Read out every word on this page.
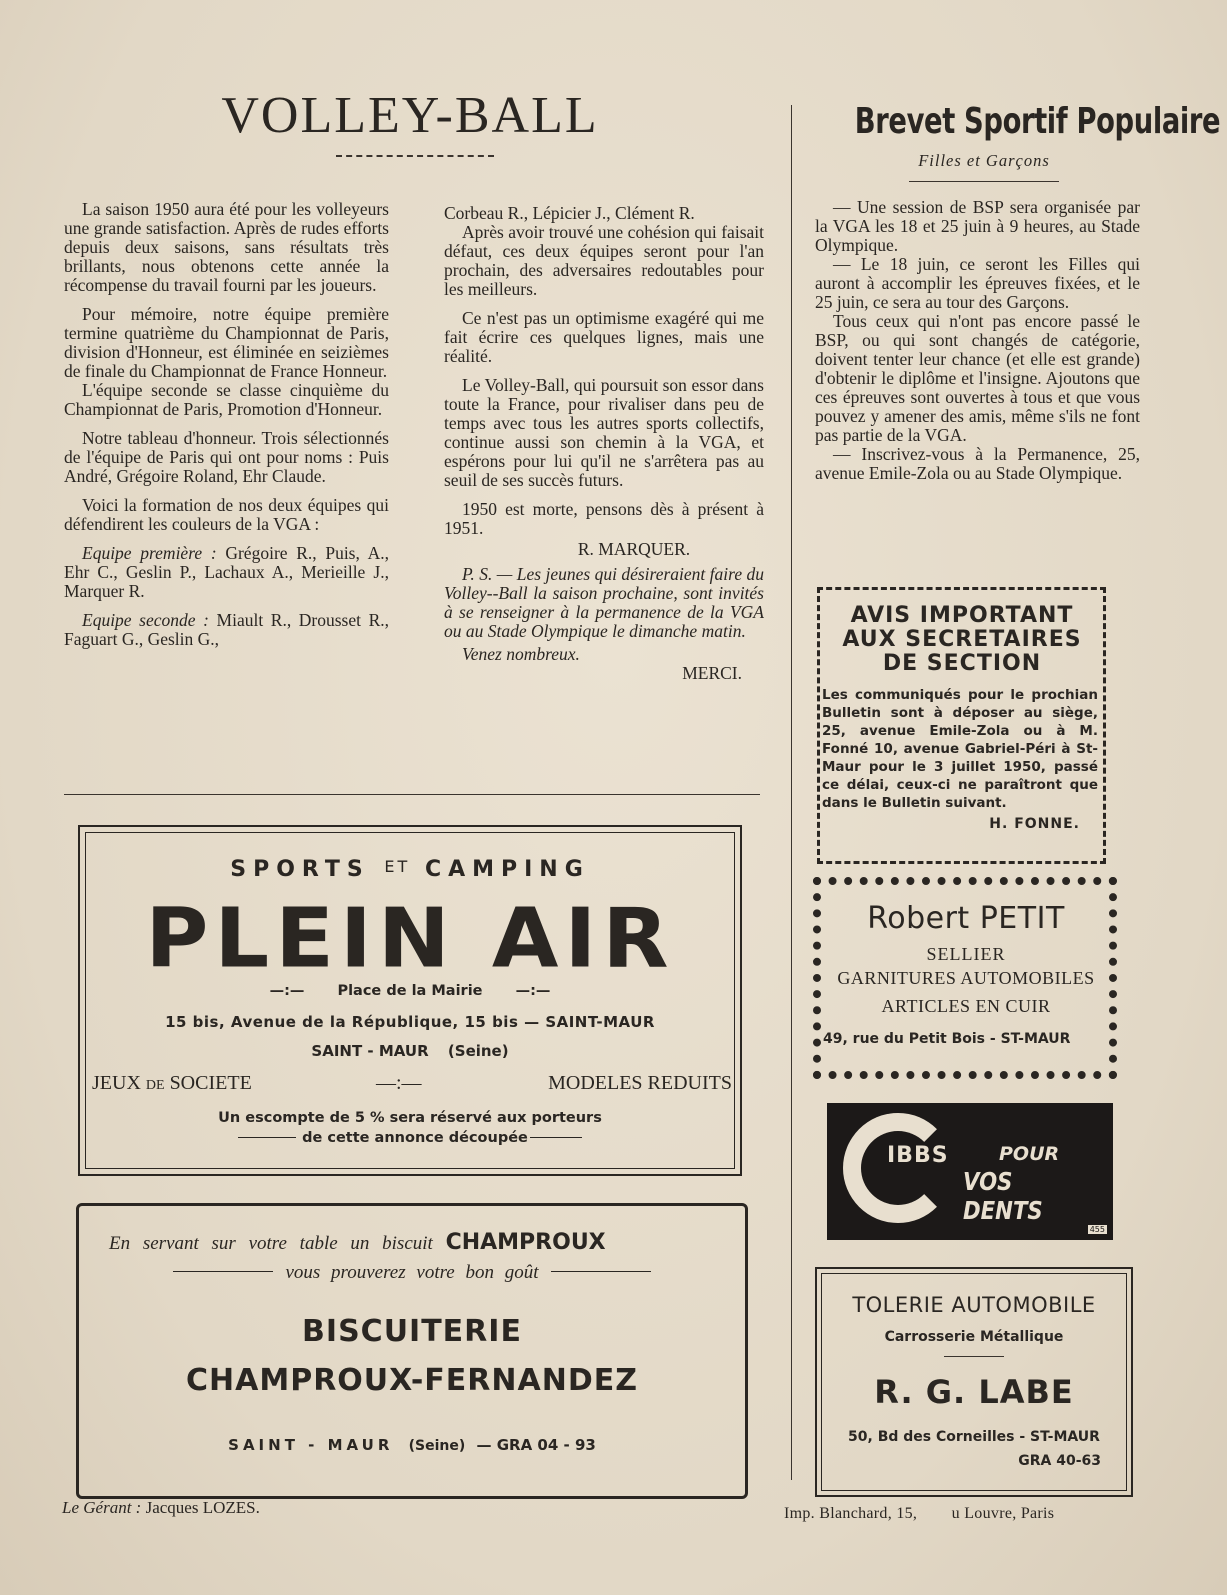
VOLLEY-BALL

La saison 1950 aura été pour les volleyeurs une grande satisfaction. Après de rudes efforts depuis deux saisons, sans résultats très brillants, nous obtenons cette année la récompense du travail fourni par les joueurs.

Pour mémoire, notre équipe première termine quatrième du Championnat de Paris, division d'Honneur, est éliminée en seizièmes de finale du Championnat de France Honneur.

L'équipe seconde se classe cinquième du Championnat de Paris, Promotion d'Honneur.

Notre tableau d'honneur. Trois sélectionnés de l'équipe de Paris qui ont pour noms : Puis André, Grégoire Roland, Ehr Claude.

Voici la formation de nos deux équipes qui défendirent les couleurs de la VGA :

Equipe première : Grégoire R., Puis, A., Ehr C., Geslin P., Lachaux A., Merieille J., Marquer R.

Equipe seconde : Miault R., Drousset R., Faguart G., Geslin G.,

Corbeau R., Lépicier J., Clément R.

Après avoir trouvé une cohésion qui faisait défaut, ces deux équipes seront pour l'an prochain, des adversaires redoutables pour les meilleurs.

Ce n'est pas un optimisme exagéré qui me fait écrire ces quelques lignes, mais une réalité.

Le Volley-Ball, qui poursuit son essor dans toute la France, pour rivaliser dans peu de temps avec tous les autres sports collectifs, continue aussi son chemin à la VGA, et espérons pour lui qu'il ne s'arrêtera pas au seuil de ses succès futurs.

1950 est morte, pensons dès à présent à 1951.

R. MARQUER.

P. S. — Les jeunes qui désireraient faire du Volley--Ball la saison prochaine, sont invités à se renseigner à la permanence de la VGA ou au Stade Olympique le dimanche matin.

Venez nombreux.

MERCI.
Brevet Sportif Populaire
Filles et Garçons

— Une session de BSP sera organisée par la VGA les 18 et 25 juin à 9 heures, au Stade Olympique.

— Le 18 juin, ce seront les Filles qui auront à accomplir les épreuves fixées, et le 25 juin, ce sera au tour des Garçons.

Tous ceux qui n'ont pas encore passé le BSP, ou qui sont changés de catégorie, doivent tenter leur chance (et elle est grande) d'obtenir le diplôme et l'insigne. Ajoutons que ces épreuves sont ouvertes à tous et que vous pouvez y amener des amis, même s'ils ne font pas partie de la VGA.

— Inscrivez-vous à la Permanence, 25, avenue Emile-Zola ou au Stade Olympique.

AVIS IMPORTANT
AUX SECRETAIRES
DE SECTION
Les communiqués pour le prochian Bulletin sont à déposer au siège, 25, avenue Emile-Zola ou à M. Fonné 10, avenue Gabriel-Péri à St-Maur pour le 3 juillet 1950, passé ce délai, ceux-ci ne paraîtront que dans le Bulletin suivant.
H. FONNE.
SPORTS ET CAMPING
PLEIN AIR
—:— Place de la Mairie —:—
15 bis, Avenue de la République, 15 bis — SAINT-MAUR
SAINT - MAUR (Seine)
JEUX DE SOCIETE	—:—	MODELES REDUITS
Un escompte de 5 % sera réservé aux porteurs
de cette annonce découpée
Robert PETIT
SELLIER
GARNITURES AUTOMOBILES
ARTICLES EN CUIR
49, rue du Petit Bois - ST-MAUR
IBBS	POUR
VOS DENTS
455
En servant sur votre table un biscuit CHAMPROUX
vous prouverez votre bon goût
BISCUITERIE
CHAMPROUX-FERNANDEZ
SAINT - MAUR (Seine) — GRA 04 - 93
TOLERIE AUTOMOBILE
Carrosserie Métallique
R. G. LABE
50, Bd des Corneilles - ST-MAUR
GRA 40-63
Le Gérant : Jacques LOZES.	Imp. Blanchard, 15,        u Louvre, Paris
